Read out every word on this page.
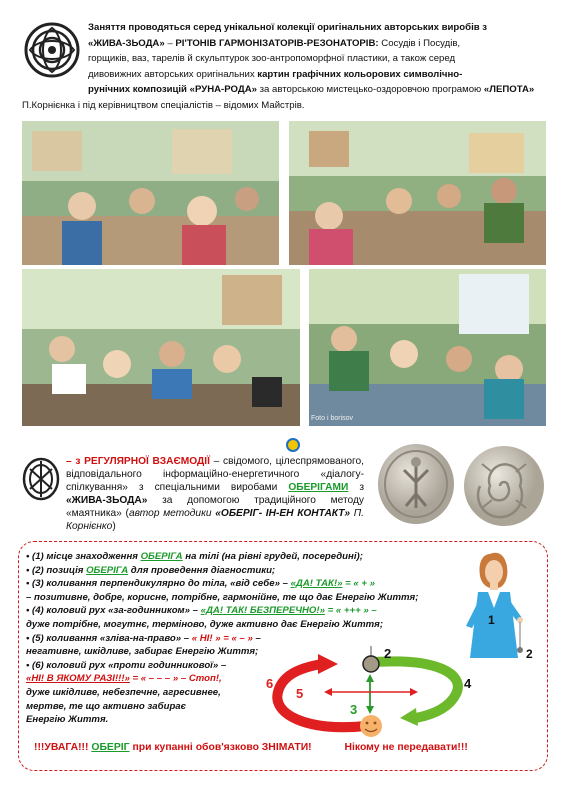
Заняття проводяться серед унікальної колекції оригінальних авторських виробів з
«ЖИВА-ЗЬОДА» – РІ'ТОНІВ ГАРМОНІЗАТОРІВ-РЕЗОНАТОРІВ: Сосудів і Посудів,
горщиків, ваз, тарелів й скульптурок зоо-антропоморфної пластики, а також серед
дивовижних авторських оригінальних картин графічних кольорових символічно-
рунічних композицій «РУНА-РОДА» за авторською мистецько-оздоровчою програмою «ЛЕПОТА»
П.Корнієнка і під керівництвом спеціалістів – відомих Майстрів.
Foto i borisov
– з РЕГУЛЯРНОЇ ВЗАЄМОДІЇ – свідомого, цілеспрямованого, відповідального інформаційно-енергетичного «діалогу-спілкування» з спеціальними виробами ОБЕРІГАМИ з «ЖИВА-ЗЬОДА» за допомогою традиційного методу «маятника» (автор методики «ОБЕРІГ- ІН-ЕН КОНТАКТ» П. Корнієнко)
• (1) місце знаходження ОБЕРІГА на тілі (на рівні грудей, посередині);
• (2) позиція ОБЕРІГА для проведення діагностики;
• (3) коливання перпендикулярно до тіла, «від себе» – «ДА! ТАК!» = « + »
– позитивне, добре, корисне, потрібне, гармонійне, те що дає Енергію Життя;
• (4) коловий рух «за-годинником» – «ДА! ТАК! БЕЗПЕРЕЧНО!» = « +++ » –
дуже потрібне, могутнє, терміново, дуже активно дає Енергію Життя;
• (5) коливання «зліва-на-право» – « НІ! » = « – » –
негативне, шкідливе, забирає Енергію Життя;
• (6) коловий рух «проти годинникової» –
«НІ! В ЯКОМУ РАЗІ!!!» = « – – – » – Стоп!,
дуже шкідливе, небезпечне, агресивнее,
мертве, те що активно забирає
Енергію Життя.
1
2
2
3
4
5
6
!!!УВАГА!!! ОБЕРІГ при купанні обов'язково ЗНІМАТИ!	Нікому не передавати!!!
